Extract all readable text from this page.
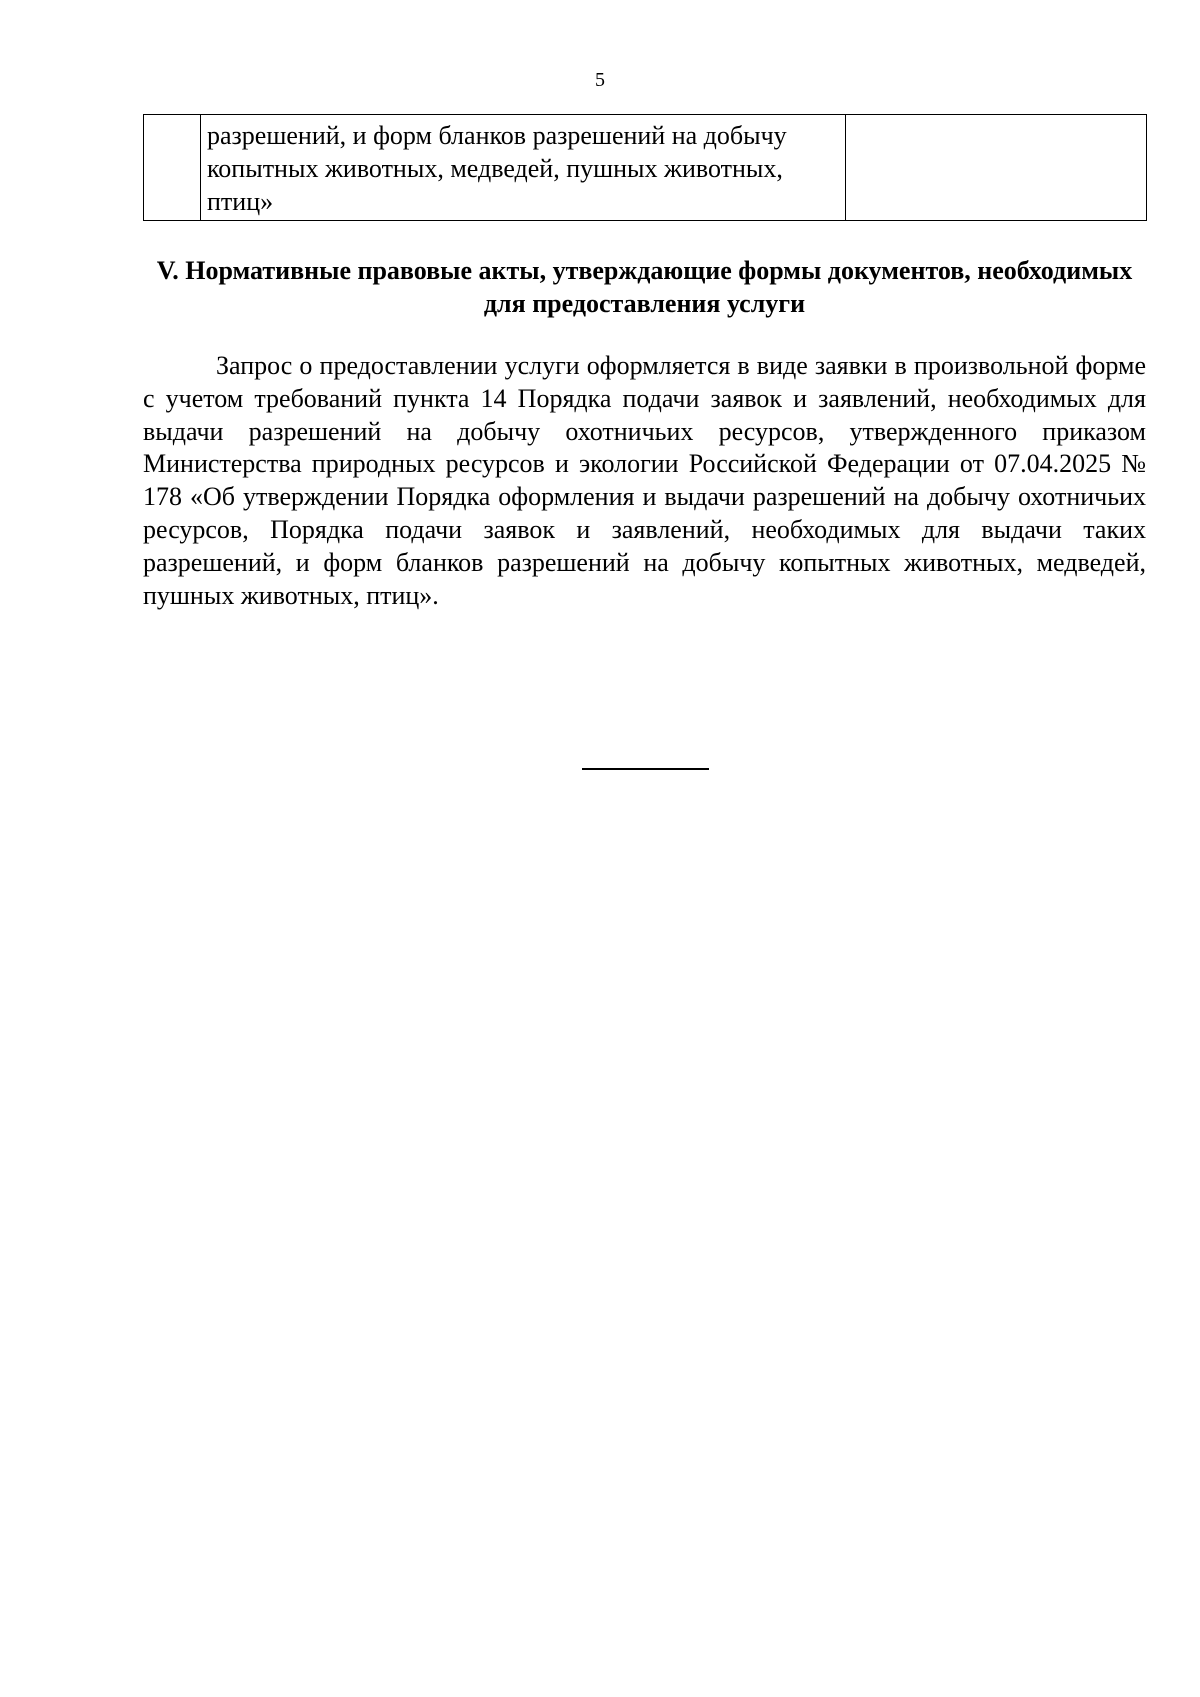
5
	разрешений, и форм бланков разрешений на добычу копытных животных, медведей, пушных животных, птиц»	
V. Нормативные правовые акты, утверждающие формы документов, необходимых для предоставления услуги

Запрос о предоставлении услуги оформляется в виде заявки в произвольной форме с учетом требований пункта 14 Порядка подачи заявок и заявлений, необходимых для выдачи разрешений на добычу охотничьих ресурсов, утвержденного приказом Министерства природных ресурсов и экологии Российской Федерации от 07.04.2025 № 178 «Об утверждении Порядка оформления и выдачи разрешений на добычу охотничьих ресурсов, Порядка подачи заявок и заявлений, необходимых для выдачи таких разрешений, и форм бланков разрешений на добычу копытных животных, медведей, пушных животных, птиц».
